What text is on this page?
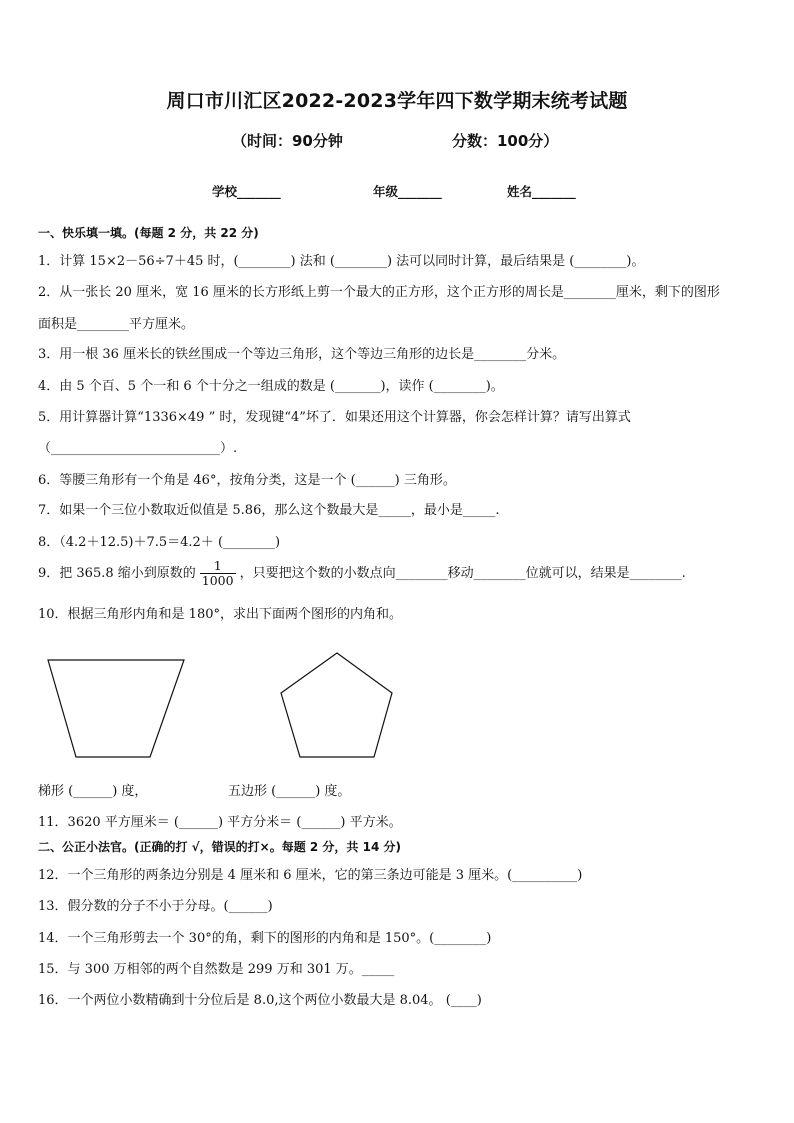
周口市川汇区2022-2023学年四下数学期末统考试题
（时间：90分钟	分数：100分）
学校_______	年级_______	姓名_______
一、快乐填一填。(每题 2 分，共 22 分)
1．计算 15×2－56÷7＋45 时，(________) 法和 (________) 法可以同时计算，最后结果是 (________)。
2．从一张长 20 厘米，宽 16 厘米的长方形纸上剪一个最大的正方形，这个正方形的周长是________厘米，剩下的图形
面积是________平方厘米。
3．用一根 36 厘米长的铁丝围成一个等边三角形，这个等边三角形的边长是________分米。
4．由 5 个百、5 个一和 6 个十分之一组成的数是 (_______)，读作 (________)。
5．用计算器计算“1336×49 ” 时，发现键“4”坏了．如果还用这个计算器，你会怎样计算？请写出算式
（__________________________）.
6．等腰三角形有一个角是 46°，按角分类，这是一个 (______) 三角形。
7．如果一个三位小数取近似值是 5.86，那么这个数最大是_____，最小是_____.
8．（4.2＋12.5)＋7.5＝4.2＋ (________)
9．把 365.8 缩小到原数的 $\frac{1}{1000}$ ，只要把这个数的小数点向________移动________位就可以，结果是________.
10．根据三角形内角和是 180°，求出下面两个图形的内角和。
梯形 (______) 度，	五边形 (______) 度。
11．3620 平方厘米＝ (______) 平方分米＝ (______) 平方米。
二、公正小法官。(正确的打 √，错误的打×。每题 2 分，共 14 分)
12．一个三角形的两条边分别是 4 厘米和 6 厘米，它的第三条边可能是 3 厘米。(__________)
13．假分数的分子不小于分母。(______)
14．一个三角形剪去一个 30°的角，剩下的图形的内角和是 150°。(________)
15．与 300 万相邻的两个自然数是 299 万和 301 万。_____
16．一个两位小数精确到十分位后是 8.0,这个两位小数最大是 8.04。 (____)
